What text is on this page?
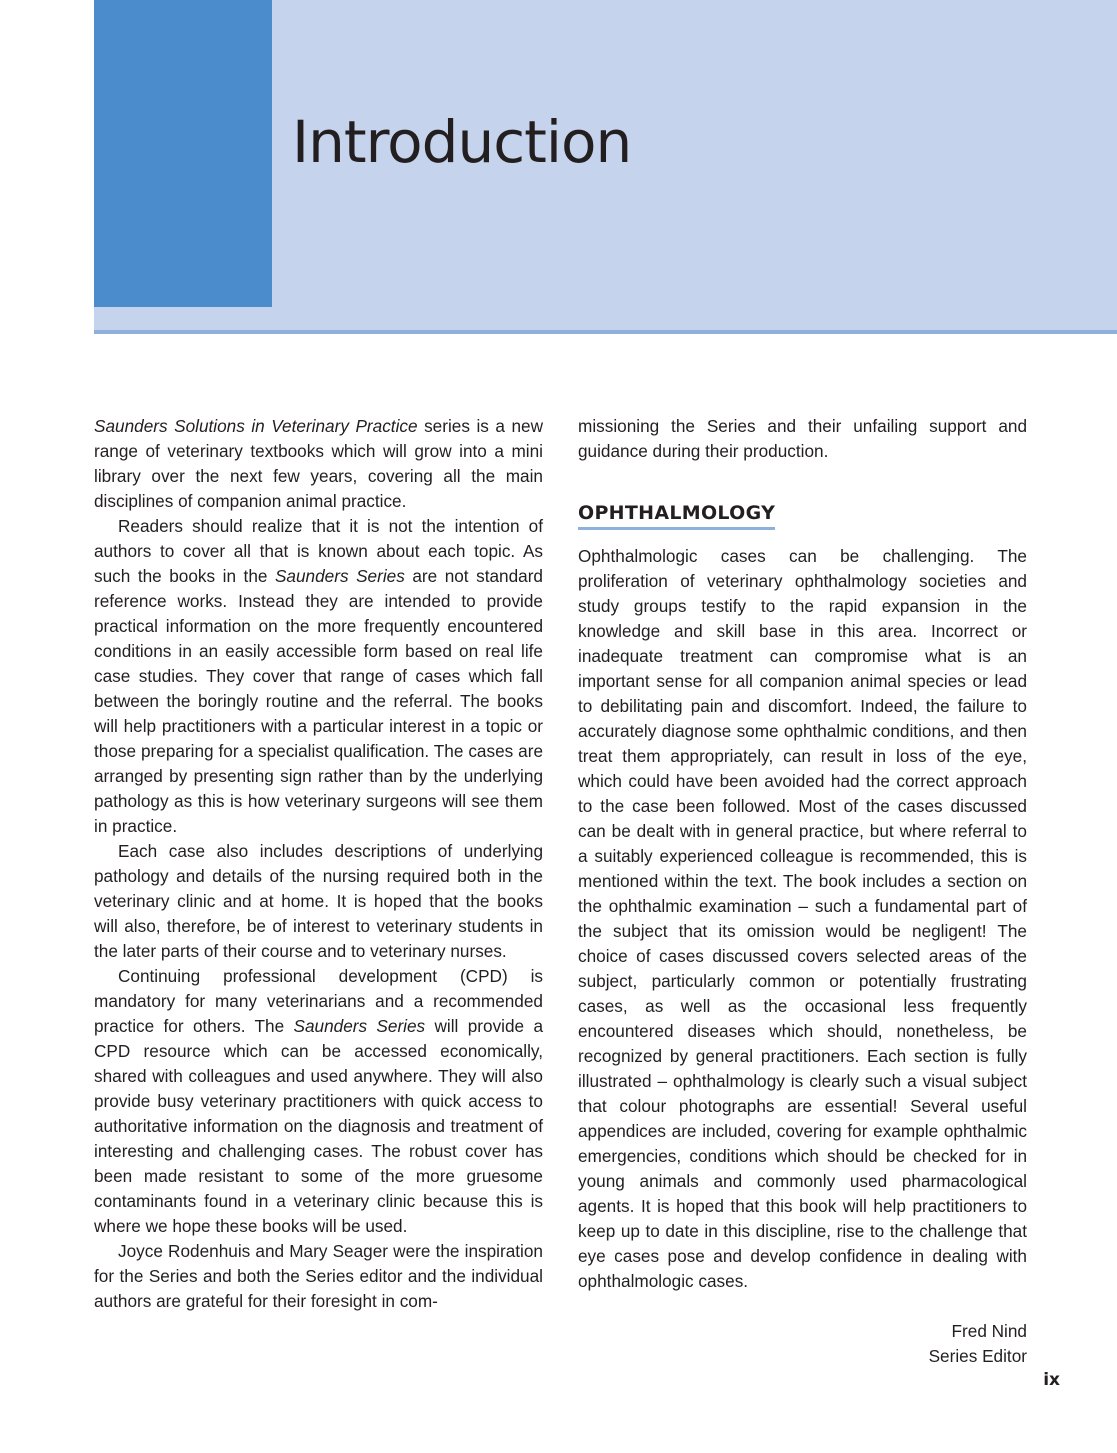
Introduction

Saunders Solutions in Veterinary Practice series is a new range of veterinary textbooks which will grow into a mini library over the next few years, covering all the main disciplines of companion animal practice.

Readers should realize that it is not the intention of authors to cover all that is known about each topic. As such the books in the Saunders Series are not standard reference works. Instead they are intended to provide practical information on the more frequently encountered conditions in an easily accessible form based on real life case studies. They cover that range of cases which fall between the boringly routine and the referral. The books will help practitioners with a particular interest in a topic or those preparing for a specialist qualification. The cases are arranged by presenting sign rather than by the underlying pathology as this is how veterinary surgeons will see them in practice.

Each case also includes descriptions of underlying pathology and details of the nursing required both in the veterinary clinic and at home. It is hoped that the books will also, therefore, be of interest to veterinary students in the later parts of their course and to veterinary nurses.

Continuing professional development (CPD) is mandatory for many veterinarians and a recommended practice for others. The Saunders Series will provide a CPD resource which can be accessed economically, shared with colleagues and used anywhere. They will also provide busy veterinary practitioners with quick access to authoritative information on the diagnosis and treatment of interesting and challenging cases. The robust cover has been made resistant to some of the more gruesome contaminants found in a veterinary clinic because this is where we hope these books will be used.

Joyce Rodenhuis and Mary Seager were the inspiration for the Series and both the Series editor and the individual authors are grateful for their foresight in com-

missioning the Series and their unfailing support and guidance during their production.

OPHTHALMOLOGY

Ophthalmologic cases can be challenging. The proliferation of veterinary ophthalmology societies and study groups testify to the rapid expansion in the knowledge and skill base in this area. Incorrect or inadequate treatment can compromise what is an important sense for all companion animal species or lead to debilitating pain and discomfort. Indeed, the failure to accurately diagnose some ophthalmic conditions, and then treat them appropriately, can result in loss of the eye, which could have been avoided had the correct approach to the case been followed. Most of the cases discussed can be dealt with in general practice, but where referral to a suitably experienced colleague is recommended, this is mentioned within the text. The book includes a section on the ophthalmic examination – such a fundamental part of the subject that its omission would be negligent! The choice of cases discussed covers selected areas of the subject, particularly common or potentially frustrating cases, as well as the occasional less frequently encountered diseases which should, nonetheless, be recognized by general practitioners. Each section is fully illustrated – ophthalmology is clearly such a visual subject that colour photographs are essential! Several useful appendices are included, covering for example ophthalmic emergencies, conditions which should be checked for in young animals and commonly used pharmacological agents. It is hoped that this book will help practitioners to keep up to date in this discipline, rise to the challenge that eye cases pose and develop confidence in dealing with ophthalmologic cases.

Fred Nind
Series Editor
ix
